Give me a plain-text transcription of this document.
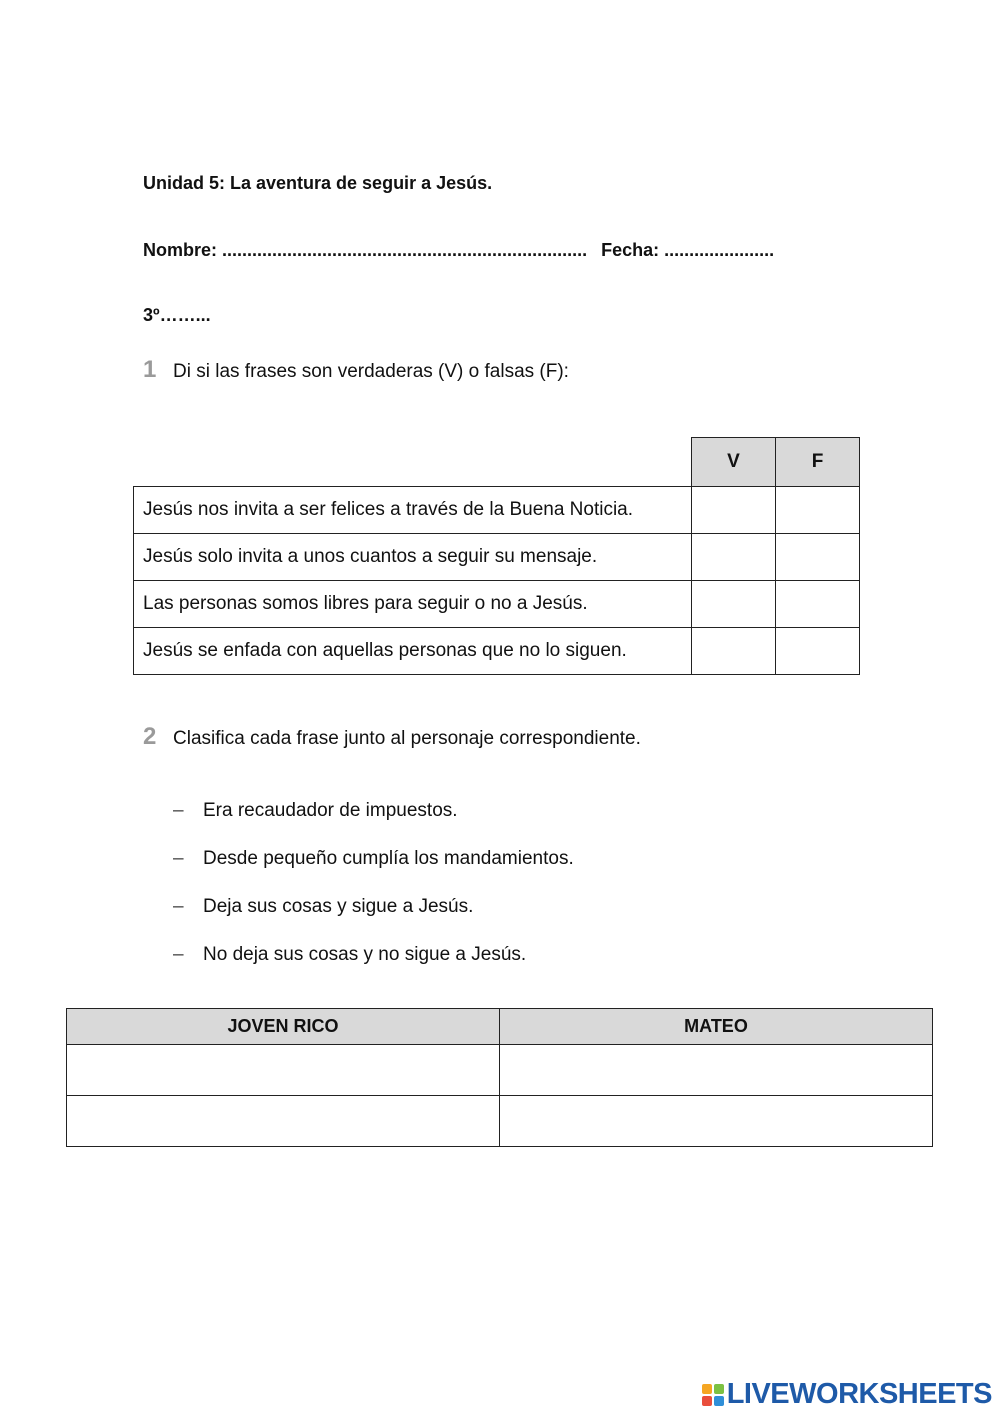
Unidad 5: La aventura de seguir a Jesús.
Nombre: ......................................................................... Fecha: ......................
3º……...
1 Di si las frases son verdaderas (V) o falsas (F):
	V	F
Jesús nos invita a ser felices a través de la Buena Noticia.		
Jesús solo invita a unos cuantos a seguir su mensaje.		
Las personas somos libres para seguir o no a Jesús.		
Jesús se enfada con aquellas personas que no lo siguen.		
2 Clasifica cada frase junto al personaje correspondiente.
– Era recaudador de impuestos.
– Desde pequeño cumplía los mandamientos.
– Deja sus cosas y sigue a Jesús.
– No deja sus cosas y no sigue a Jesús.
JOVEN RICO	MATEO

LIVEWORKSHEETS
